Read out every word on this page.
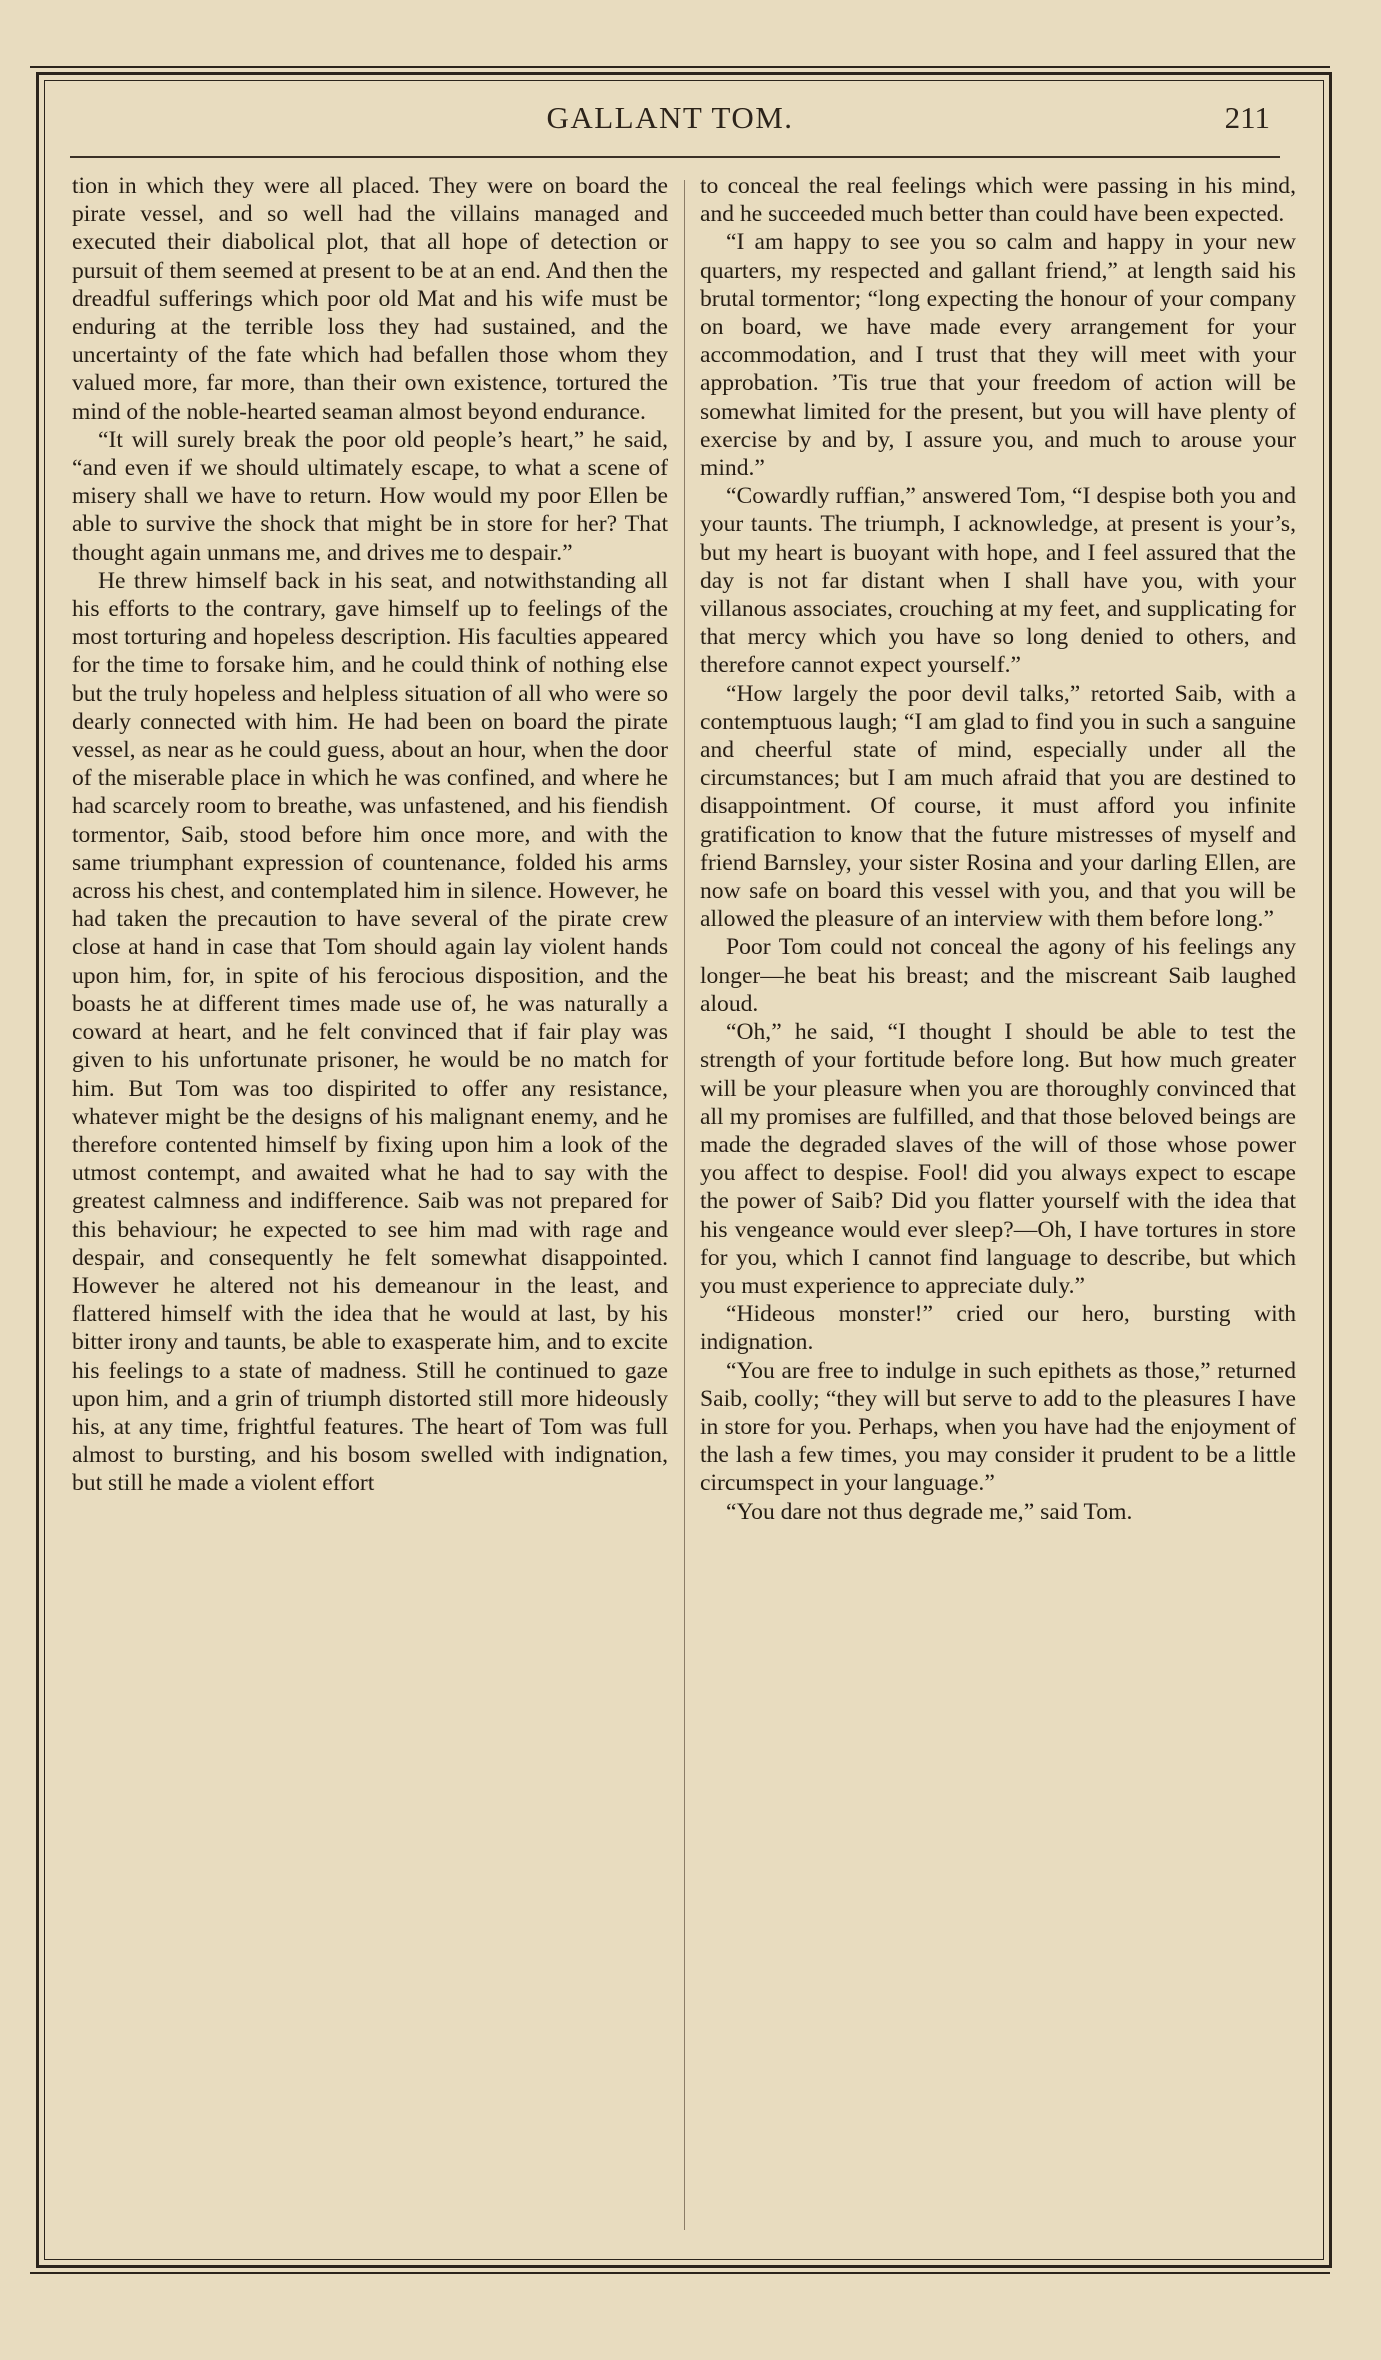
GALLANT TOM.	211

tion in which they were all placed. They were on board the pirate vessel, and so well had the villains managed and executed their diabolical plot, that all hope of detection or pursuit of them seemed at present to be at an end. And then the dreadful sufferings which poor old Mat and his wife must be enduring at the terrible loss they had sustained, and the uncertainty of the fate which had befallen those whom they valued more, far more, than their own existence, tortured the mind of the noble-hearted seaman almost beyond endurance.

“It will surely break the poor old people’s heart,” he said, “and even if we should ultimately escape, to what a scene of misery shall we have to return. How would my poor Ellen be able to survive the shock that might be in store for her? That thought again unmans me, and drives me to despair.”

He threw himself back in his seat, and notwithstanding all his efforts to the contrary, gave himself up to feelings of the most torturing and hopeless description. His faculties appeared for the time to forsake him, and he could think of nothing else but the truly hopeless and helpless situation of all who were so dearly connected with him. He had been on board the pirate vessel, as near as he could guess, about an hour, when the door of the miserable place in which he was confined, and where he had scarcely room to breathe, was unfastened, and his fiendish tormentor, Saib, stood before him once more, and with the same triumphant expression of countenance, folded his arms across his chest, and contemplated him in silence. However, he had taken the precaution to have several of the pirate crew close at hand in case that Tom should again lay violent hands upon him, for, in spite of his ferocious disposition, and the boasts he at different times made use of, he was naturally a coward at heart, and he felt convinced that if fair play was given to his unfortunate prisoner, he would be no match for him. But Tom was too dispirited to offer any resistance, whatever might be the designs of his malignant enemy, and he therefore contented himself by fixing upon him a look of the utmost contempt, and awaited what he had to say with the greatest calmness and indifference. Saib was not prepared for this behaviour; he expected to see him mad with rage and despair, and consequently he felt somewhat disappointed. However he altered not his demeanour in the least, and flattered himself with the idea that he would at last, by his bitter irony and taunts, be able to exasperate him, and to excite his feelings to a state of madness. Still he continued to gaze upon him, and a grin of triumph distorted still more hideously his, at any time, frightful features. The heart of Tom was full almost to bursting, and his bosom swelled with indignation, but still he made a violent effort

to conceal the real feelings which were passing in his mind, and he succeeded much better than could have been expected.

“I am happy to see you so calm and happy in your new quarters, my respected and gallant friend,” at length said his brutal tormentor; “long expecting the honour of your company on board, we have made every arrangement for your accommodation, and I trust that they will meet with your approbation. ’Tis true that your freedom of action will be somewhat limited for the present, but you will have plenty of exercise by and by, I assure you, and much to arouse your mind.”

“Cowardly ruffian,” answered Tom, “I despise both you and your taunts. The triumph, I acknowledge, at present is your’s, but my heart is buoyant with hope, and I feel assured that the day is not far distant when I shall have you, with your villanous associates, crouching at my feet, and supplicating for that mercy which you have so long denied to others, and therefore cannot expect yourself.”

“How largely the poor devil talks,” retorted Saib, with a contemptuous laugh; “I am glad to find you in such a sanguine and cheerful state of mind, especially under all the circumstances; but I am much afraid that you are destined to disappointment. Of course, it must afford you infinite gratification to know that the future mistresses of myself and friend Barnsley, your sister Rosina and your darling Ellen, are now safe on board this vessel with you, and that you will be allowed the pleasure of an interview with them before long.”

Poor Tom could not conceal the agony of his feelings any longer—he beat his breast; and the miscreant Saib laughed aloud.

“Oh,” he said, “I thought I should be able to test the strength of your fortitude before long. But how much greater will be your pleasure when you are thoroughly convinced that all my promises are fulfilled, and that those beloved beings are made the degraded slaves of the will of those whose power you affect to despise. Fool! did you always expect to escape the power of Saib? Did you flatter yourself with the idea that his vengeance would ever sleep?—Oh, I have tortures in store for you, which I cannot find language to describe, but which you must experience to appreciate duly.”

“Hideous monster!” cried our hero, bursting with indignation.

“You are free to indulge in such epithets as those,” returned Saib, coolly; “they will but serve to add to the pleasures I have in store for you. Perhaps, when you have had the enjoyment of the lash a few times, you may consider it prudent to be a little circumspect in your language.”

“You dare not thus degrade me,” said Tom.
